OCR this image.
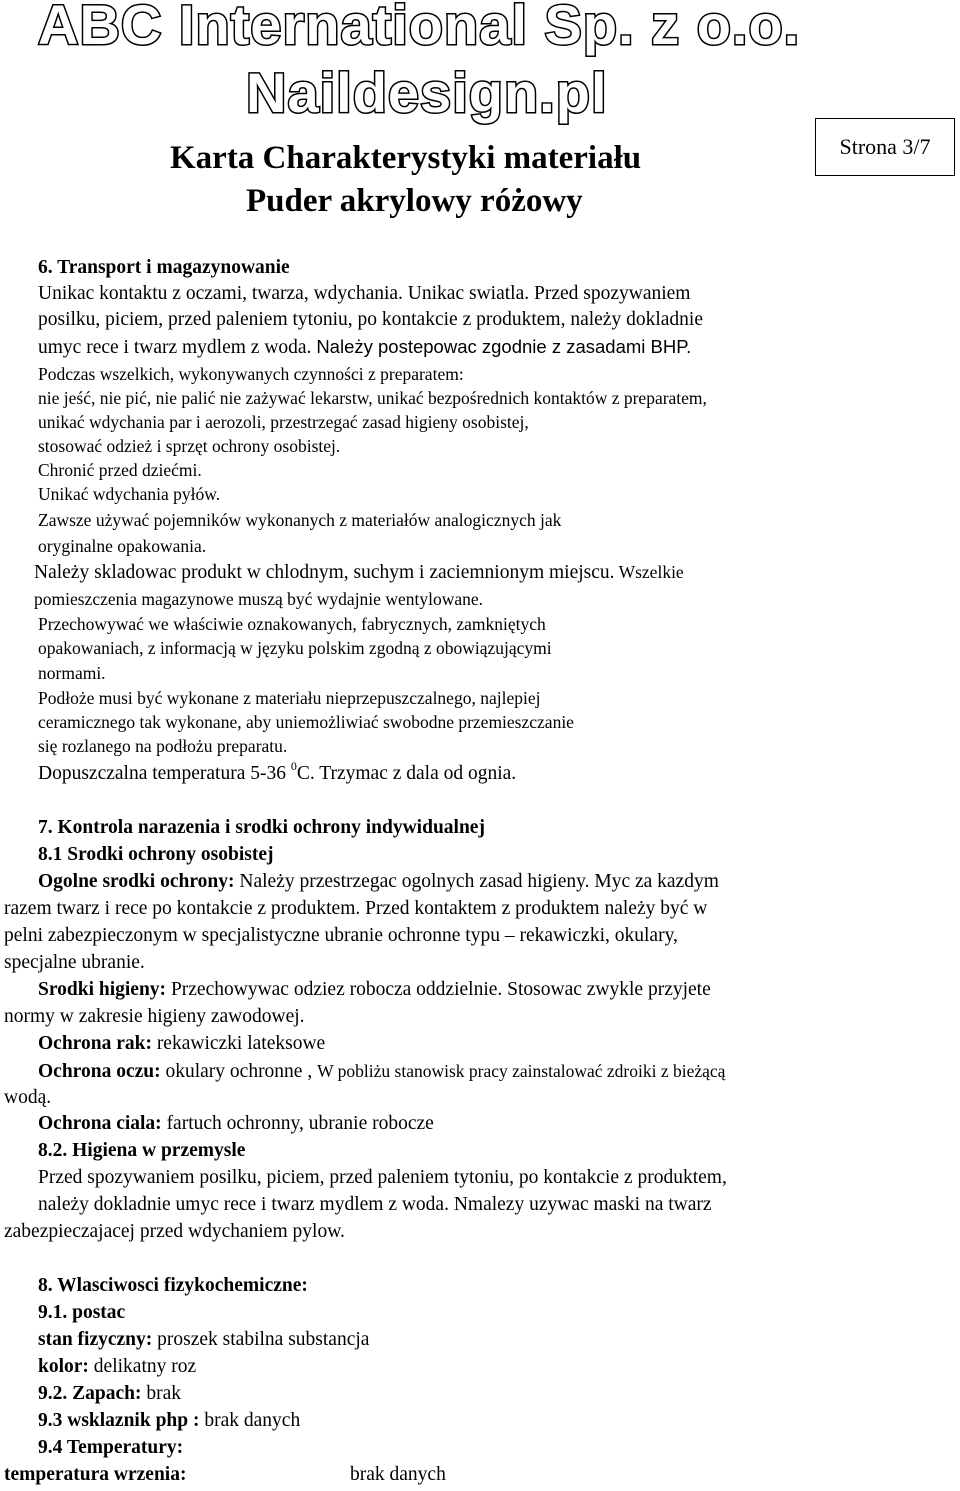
ABC International Sp. z o.o.
Naildesign.pl
Karta Charakterystyki materiału
Puder akrylowy różowy
Strona 3/7
6. Transport i magazynowanie
Unikac kontaktu z oczami, twarza, wdychania. Unikac swiatla. Przed spozywaniem
posilku, piciem, przed paleniem tytoniu, po kontakcie z produktem, należy dokladnie
umyc rece i twarz mydlem z woda. Należy postepowac zgodnie z zasadami BHP.
Podczas wszelkich, wykonywanych czynności z preparatem:
nie jeść, nie pić, nie palić nie zażywać lekarstw, unikać bezpośrednich kontaktów z preparatem,
unikać wdychania par i aerozoli, przestrzegać zasad higieny osobistej,
stosować odzież i sprzęt ochrony osobistej.
Chronić przed dziećmi.
Unikać wdychania pyłów.
Zawsze używać pojemników wykonanych z materiałów analogicznych jak
oryginalne opakowania.
Należy skladowac produkt w chlodnym, suchym i zaciemnionym miejscu. Wszelkie
pomieszczenia magazynowe muszą być wydajnie wentylowane.
Przechowywać we właściwie oznakowanych, fabrycznych, zamkniętych
opakowaniach, z informacją w języku polskim zgodną z obowiązującymi
normami.
Podłoże musi być wykonane z materiału nieprzepuszczalnego, najlepiej
ceramicznego tak wykonane, aby uniemożliwiać swobodne przemieszczanie
się rozlanego na podłożu preparatu.
Dopuszczalna temperatura 5-36 $^0$C. Trzymac z dala od ognia.
7. Kontrola narazenia i srodki ochrony indywidualnej
8.1 Srodki ochrony osobistej
Ogolne srodki ochrony: Należy przestrzegac ogolnych zasad higieny. Myc za kazdym
razem twarz i rece po kontakcie z produktem. Przed kontaktem z produktem należy być w
pelni zabezpieczonym w specjalistyczne ubranie ochronne typu – rekawiczki, okulary,
specjalne ubranie.
Srodki higieny: Przechowywac odziez robocza oddzielnie. Stosowac zwykle przyjete
normy w zakresie higieny zawodowej.
Ochrona rak: rekawiczki lateksowe
Ochrona oczu: okulary ochronne , W pobliżu stanowisk pracy zainstalować zdroiki z bieżącą
wodą.
Ochrona ciala: fartuch ochronny, ubranie robocze
8.2. Higiena w przemysle
Przed spozywaniem posilku, piciem, przed paleniem tytoniu, po kontakcie z produktem,
należy dokladnie umyc rece i twarz mydlem z woda. Nmalezy uzywac maski na twarz
zabezpieczajacej przed wdychaniem pylow.
8. Wlasciwosci fizykochemiczne:
9.1. postac
stan fizyczny: proszek stabilna substancja
kolor: delikatny roz
9.2. Zapach: brak
9.3 wsklaznik php : brak danych
9.4 Temperatury:
temperatura wrzenia:	brak danych
